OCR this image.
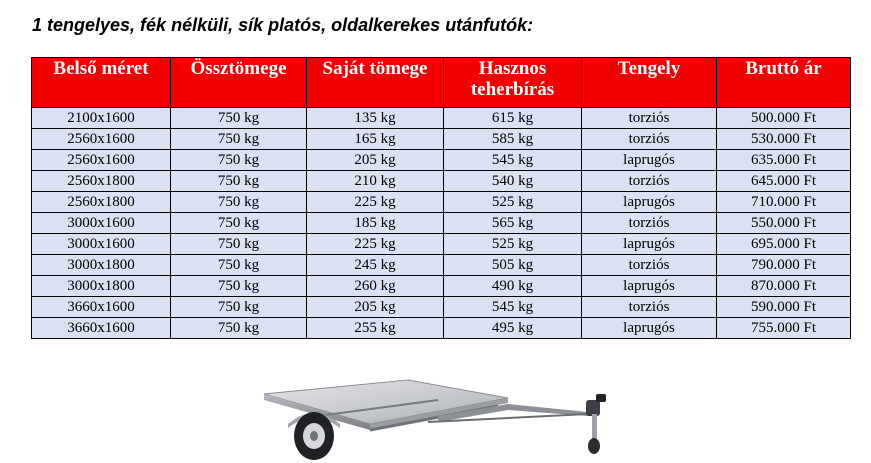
1 tengelyes, fék nélküli, sík platós, oldalkerekes utánfutók:
Belső méret	Össztömege	Saját tömege	Hasznos teherbírás	Tengely	Bruttó ár
2100x1600	750 kg	135 kg	615 kg	torziós	500.000 Ft
2560x1600	750 kg	165 kg	585 kg	torziós	530.000 Ft
2560x1600	750 kg	205 kg	545 kg	laprugós	635.000 Ft
2560x1800	750 kg	210 kg	540 kg	torziós	645.000 Ft
2560x1800	750 kg	225 kg	525 kg	laprugós	710.000 Ft
3000x1600	750 kg	185 kg	565 kg	torziós	550.000 Ft
3000x1600	750 kg	225 kg	525 kg	laprugós	695.000 Ft
3000x1800	750 kg	245 kg	505 kg	torziós	790.000 Ft
3000x1800	750 kg	260 kg	490 kg	laprugós	870.000 Ft
3660x1600	750 kg	205 kg	545 kg	torziós	590.000 Ft
3660x1600	750 kg	255 kg	495 kg	laprugós	755.000 Ft
